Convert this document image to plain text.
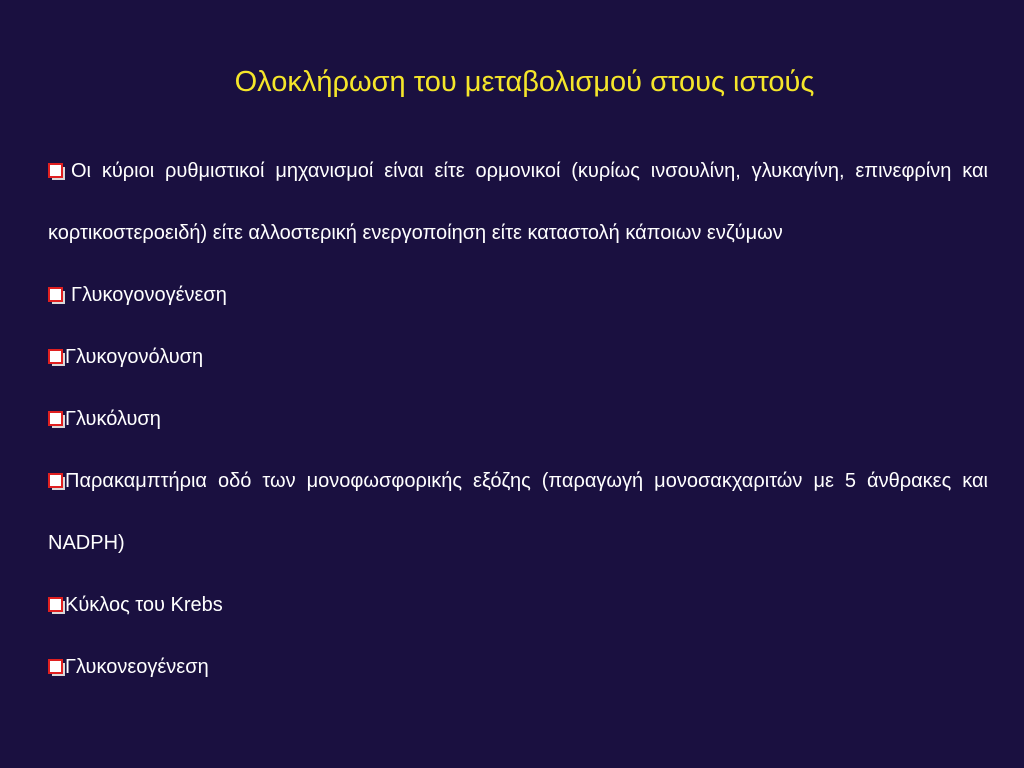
Ολοκλήρωση του μεταβολισμού στους ιστούς
Οι κύριοι ρυθμιστικοί μηχανισμοί είναι είτε ορμονικοί (κυρίως ινσουλίνη, γλυκαγίνη, επινεφρίνη και κορτικοστεροειδή) είτε αλλοστερική ενεργοποίηση είτε καταστολή κάποιων ενζύμων
Γλυκογονογένεση
Γλυκογονόλυση
Γλυκόλυση
Παρακαμπτήρια οδό των μονοφωσφορικής εξόζης (παραγωγή μονοσακχαριτών με 5 άνθρακες και NADPH)
Κύκλος του Krebs
Γλυκονεογένεση
